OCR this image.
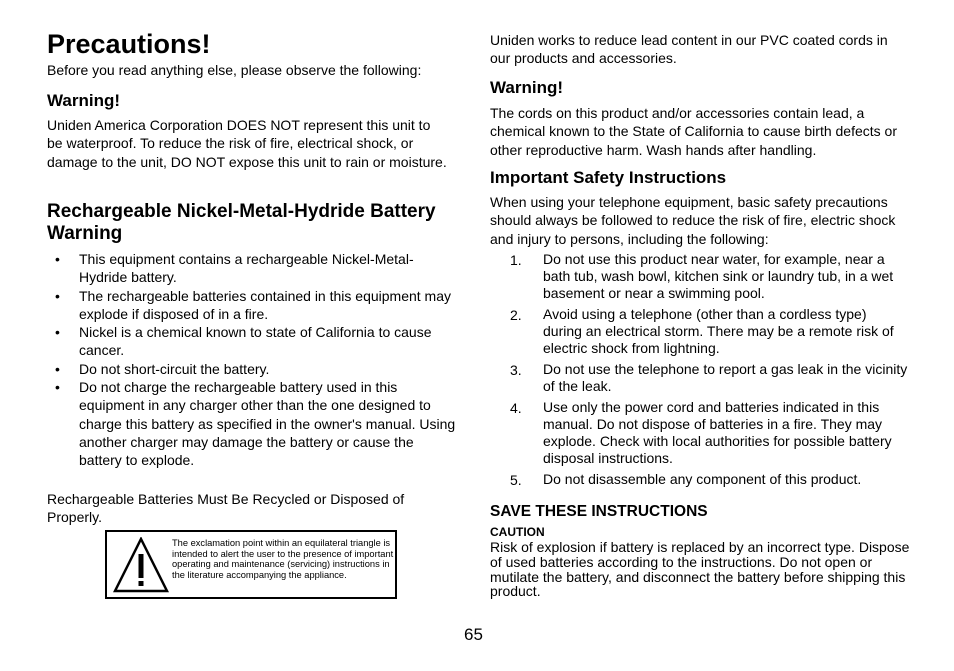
Precautions!

Before you read anything else, please observe the following:

Warning!

Uniden America Corporation DOES NOT represent this unit to be waterproof. To reduce the risk of fire, electrical shock, or damage to the unit, DO NOT expose this unit to rain or moisture.

Rechargeable Nickel-Metal-Hydride Battery Warning
• This equipment contains a rechargeable Nickel-Metal-Hydride battery.
• The rechargeable batteries contained in this equipment may explode if disposed of in a fire.
• Nickel is a chemical known to state of California to cause cancer.
• Do not short-circuit the battery.
• Do not charge the rechargeable battery used in this equipment in any charger other than the one designed to charge this battery as specified in the owner's manual. Using another charger may damage the battery or cause the battery to explode.

Rechargeable Batteries Must Be Recycled or Disposed of Properly.

The exclamation point within an equilateral triangle is intended to alert the user to the presence of important operating and maintenance (servicing) instructions in the literature accompanying the appliance.

Uniden works to reduce lead content in our PVC coated cords in our products and accessories.

Warning!

The cords on this product and/or accessories contain lead, a chemical known to the State of California to cause birth defects or other reproductive harm. Wash hands after handling.

Important Safety Instructions

When using your telephone equipment, basic safety precautions should always be followed to reduce the risk of fire, electric shock and injury to persons, including the following:

1. Do not use this product near water, for example, near a bath tub, wash bowl, kitchen sink or laundry tub, in a wet basement or near a swimming pool.
2. Avoid using a telephone (other than a cordless type) during an electrical storm. There may be a remote risk of electric shock from lightning.
3. Do not use the telephone to report a gas leak in the vicinity of the leak.
4. Use only the power cord and batteries indicated in this manual. Do not dispose of batteries in a fire. They may explode. Check with local authorities for possible battery disposal instructions.
5. Do not disassemble any component of this product.
SAVE THESE INSTRUCTIONS
CAUTION

Risk of explosion if battery is replaced by an incorrect type. Dispose of used batteries according to the instructions. Do not open or mutilate the battery, and disconnect the battery before shipping this product.

65
